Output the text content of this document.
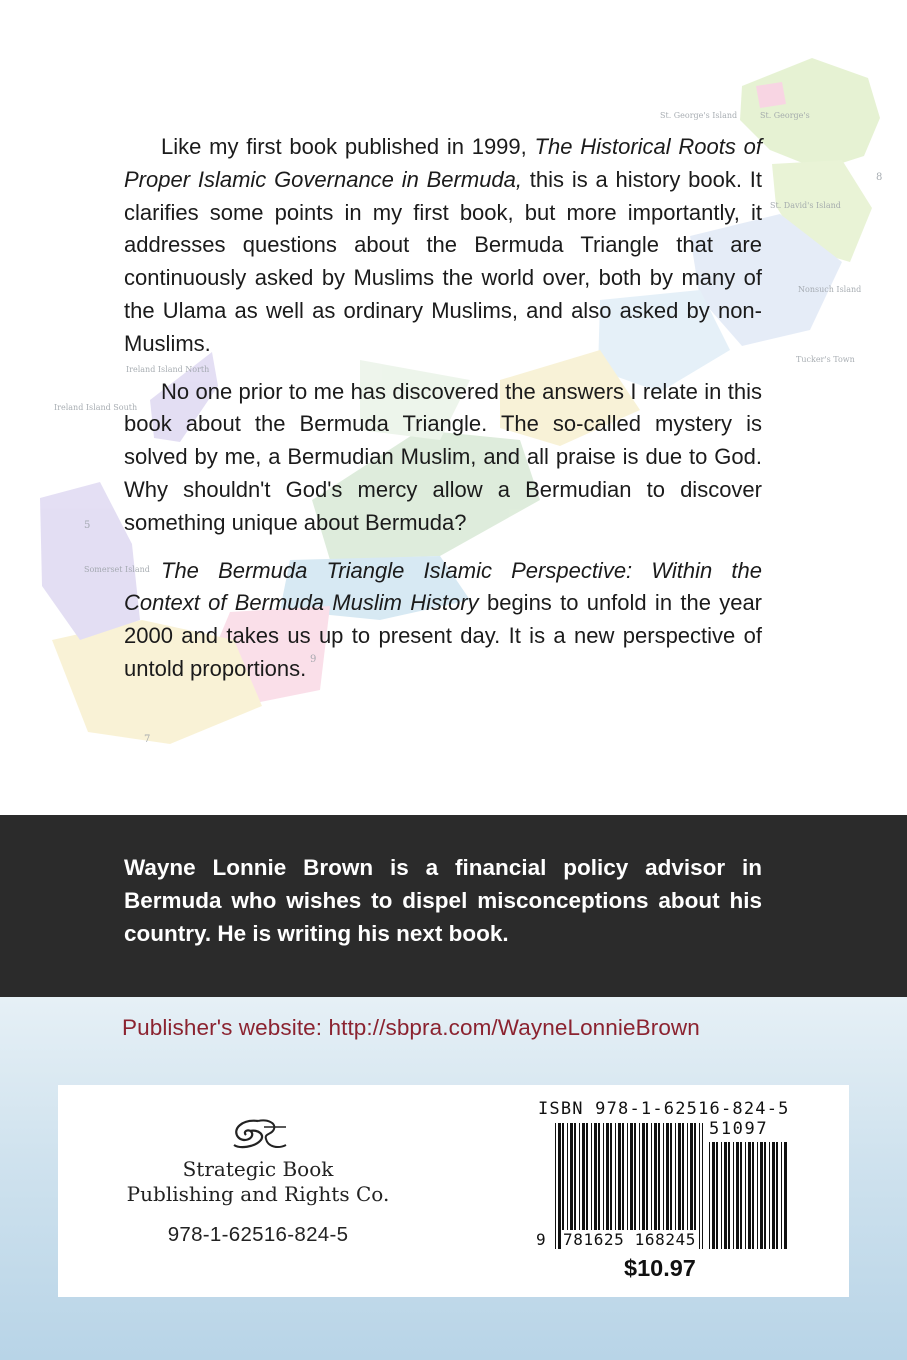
St. George's Island	St. George's
St. David's Island
Nonsuch Island
Tucker's Town
Ireland Island North
Ireland Island South
Somerset Island
5
7
8
9

Like my first book published in 1999, The Historical Roots of Proper Islamic Governance in Bermuda, this is a history book. It clarifies some points in my first book, but more importantly, it addresses questions about the Bermuda Triangle that are continuously asked by Muslims the world over, both by many of the Ulama as well as ordinary Muslims, and also asked by non-Muslims.

No one prior to me has discovered the answers I relate in this book about the Bermuda Triangle. The so-called mystery is solved by me, a Bermudian Muslim, and all praise is due to God. Why shouldn't God's mercy allow a Bermudian to discover something unique about Bermuda?

The Bermuda Triangle Islamic Perspective: Within the Context of Bermuda Muslim History begins to unfold in the year 2000 and takes us up to present day. It is a new perspective of untold proportions.

Wayne Lonnie Brown is a financial policy advisor in Bermuda who wishes to dispel misconceptions about his country. He is writing his next book.

Publisher's website: http://sbpra.com/WayneLonnieBrown

Strategic Book
Publishing and Rights Co.
978-1-62516-824-5
ISBN 978-1-62516-824-5
51097
9 781625 168245
$10.97
